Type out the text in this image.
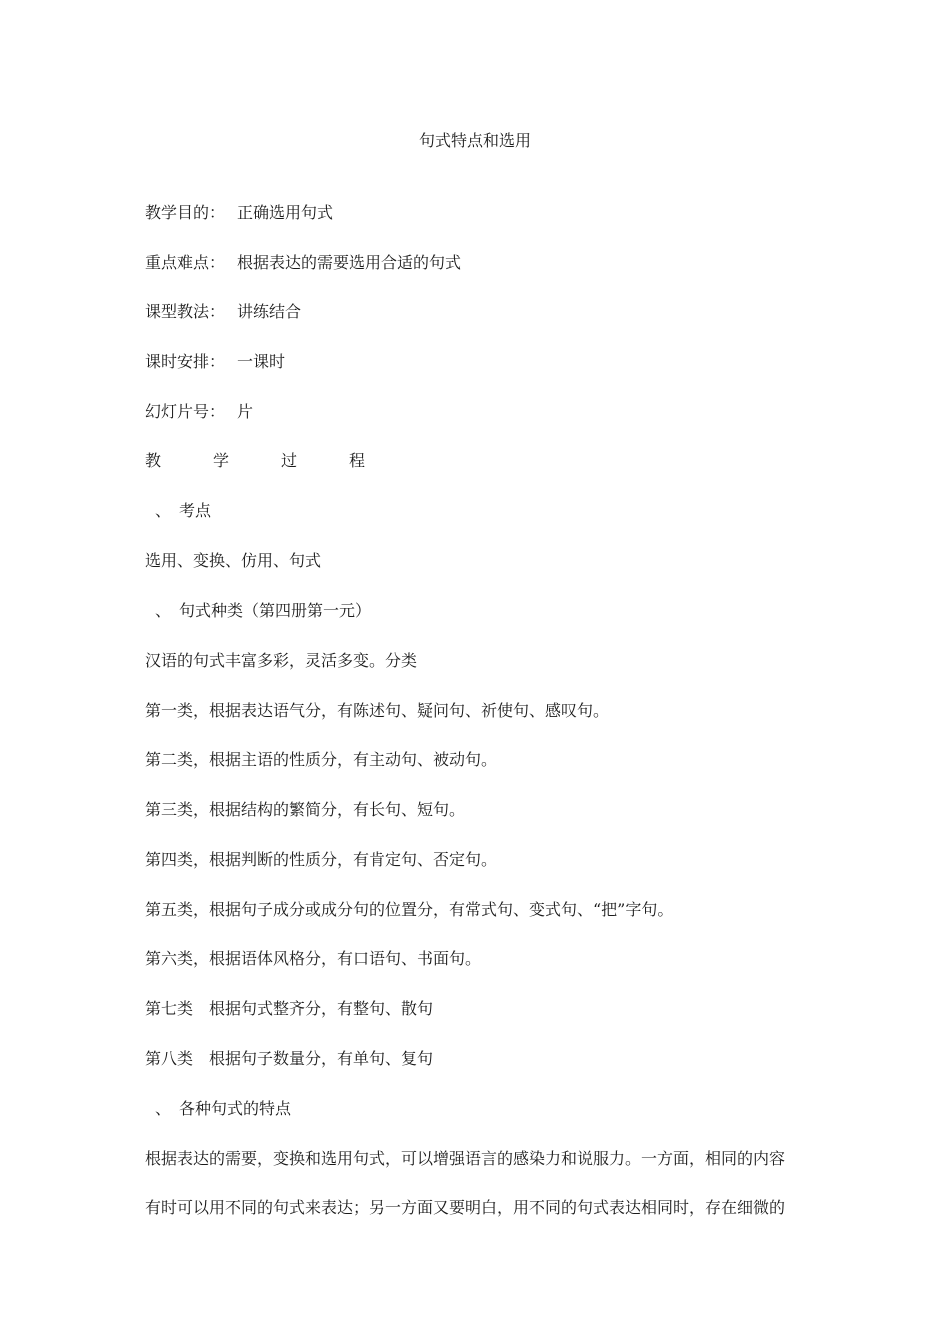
句式特点和选用
教学目的： 正确选用句式
重点难点： 根据表达的需要选用合适的句式
课型教法： 讲练结合
课时安排： 一课时
幻灯片号： 片
教	学	过	程
、 考点
选用、变换、仿用、句式
、 句式种类（第四册第一元）
汉语的句式丰富多彩，灵活多变。分类
第一类，根据表达语气分，有陈述句、疑问句、祈使句、感叹句。
第二类，根据主语的性质分，有主动句、被动句。
第三类，根据结构的繁简分，有长句、短句。
第四类，根据判断的性质分，有肯定句、否定句。
第五类，根据句子成分或成分句的位置分，有常式句、变式句、“把”字句。
第六类，根据语体风格分，有口语句、书面句。
第七类 根据句式整齐分，有整句、散句
第八类 根据句子数量分，有单句、复句
、 各种句式的特点
根据表达的需要，变换和选用句式，可以增强语言的感染力和说服力。一方面，相同的内容
有时可以用不同的句式来表达；另一方面又要明白，用不同的句式表达相同时，存在细微的
